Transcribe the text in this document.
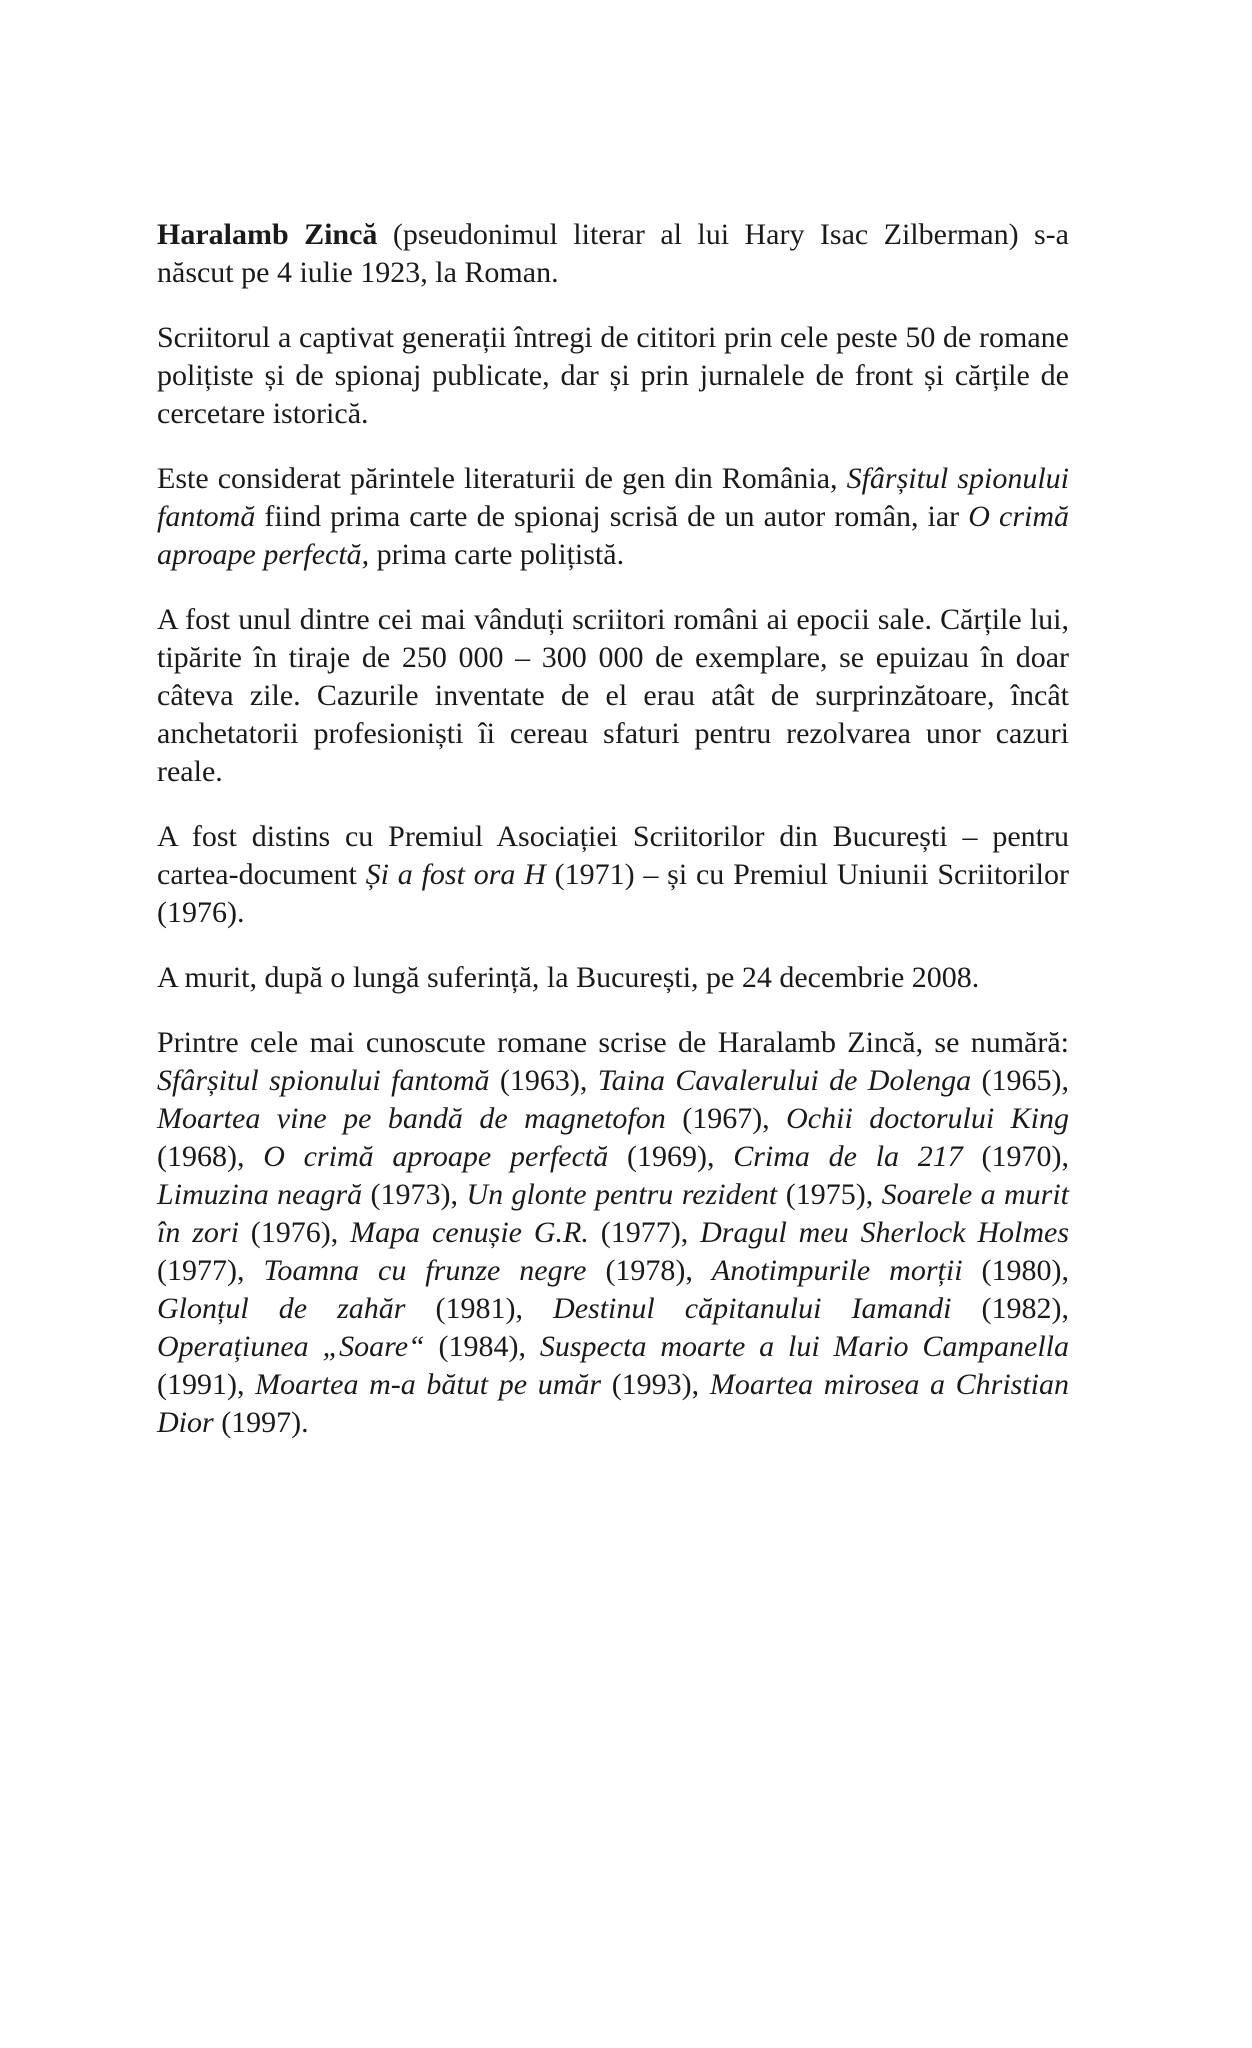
Haralamb Zincă (pseudonimul literar al lui Hary Isac Zilberman) s-a născut pe 4 iulie 1923, la Roman.

Scriitorul a captivat generații întregi de cititori prin cele peste 50 de romane polițiste și de spionaj publicate, dar și prin jurnalele de front și cărțile de cercetare istorică.

Este considerat părintele literaturii de gen din România, Sfârșitul spionului fantomă fiind prima carte de spionaj scrisă de un autor român, iar O crimă aproape perfectă, prima carte polițistă.

A fost unul dintre cei mai vânduți scriitori români ai epocii sale. Cărțile lui, tipărite în tiraje de 250 000 – 300 000 de exemplare, se epuizau în doar câteva zile. Cazurile inventate de el erau atât de surprinzătoare, încât anchetatorii profesioniști îi cereau sfaturi pentru rezolvarea unor cazuri reale.

A fost distins cu Premiul Asociației Scriitorilor din București – pentru cartea-document Și a fost ora H (1971) – și cu Premiul Uniunii Scriitorilor (1976).

A murit, după o lungă suferință, la București, pe 24 decembrie 2008.

Printre cele mai cunoscute romane scrise de Haralamb Zincă, se numără: Sfârșitul spionului fantomă (1963), Taina Cavalerului de Dolenga (1965), Moartea vine pe bandă de magnetofon (1967), Ochii doctorului King (1968), O crimă aproape perfectă (1969), Crima de la 217 (1970), Limuzina neagră (1973), Un glonte pentru rezident (1975), Soarele a murit în zori (1976), Mapa cenușie G.R. (1977), Dragul meu Sherlock Holmes (1977), Toamna cu frunze negre (1978), Anotimpurile morții (1980), Glonțul de zahăr (1981), Destinul căpitanului Iamandi (1982), Operațiunea „Soare“ (1984), Suspecta moarte a lui Mario Campanella (1991), Moartea m-a bătut pe umăr (1993), Moartea mirosea a Christian Dior (1997).
